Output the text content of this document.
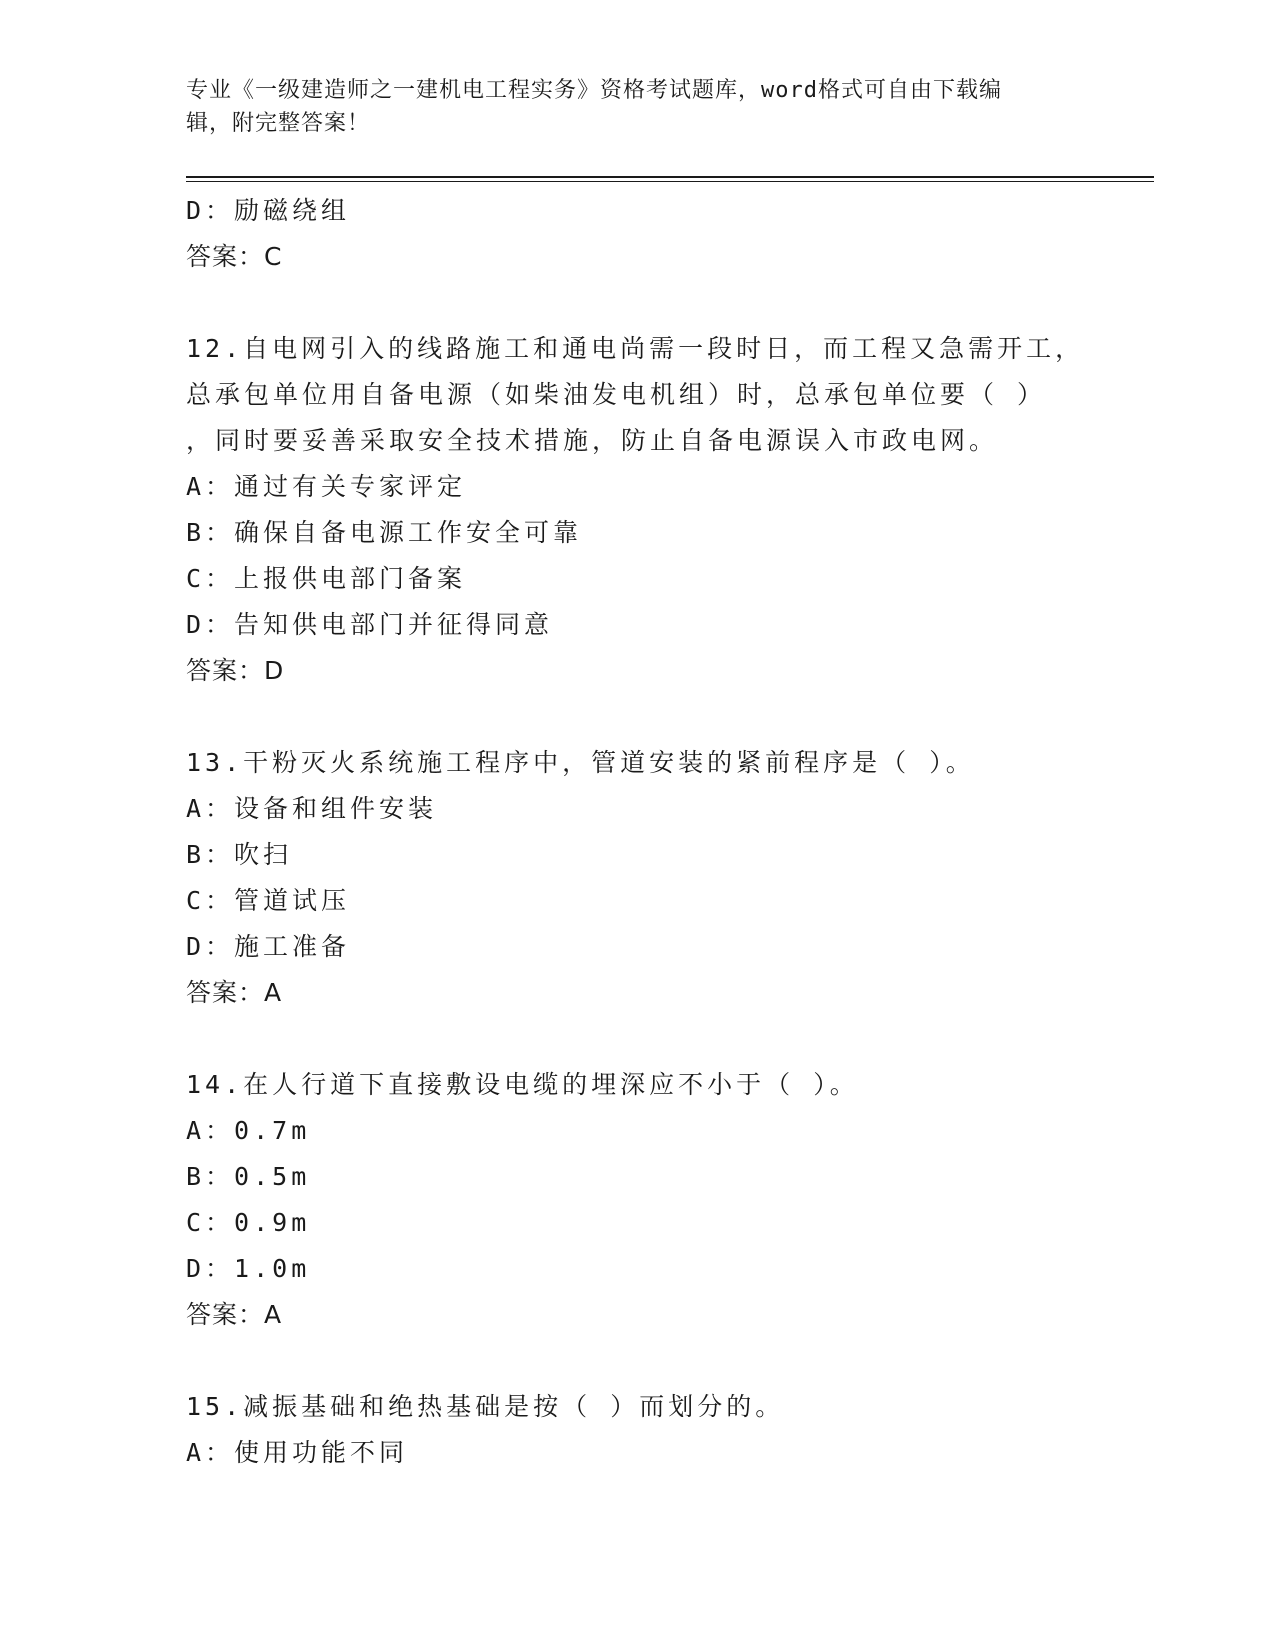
专业《一级建造师之一建机电工程实务》资格考试题库，word格式可自由下载编
辑，附完整答案！
D：励磁绕组
答案：C
12.自电网引入的线路施工和通电尚需一段时日，而工程又急需开工，
总承包单位用自备电源（如柴油发电机组）时，总承包单位要（ ）
，同时要妥善采取安全技术措施，防止自备电源误入市政电网。
A：通过有关专家评定
B：确保自备电源工作安全可靠
C：上报供电部门备案
D：告知供电部门并征得同意
答案：D
13.干粉灭火系统施工程序中，管道安装的紧前程序是（ ）。
A：设备和组件安装
B：吹扫
C：管道试压
D：施工准备
答案：A
14.在人行道下直接敷设电缆的埋深应不小于（ ）。
A：0.7m
B：0.5m
C：0.9m
D：1.0m
答案：A
15.减振基础和绝热基础是按（ ）而划分的。
A：使用功能不同
